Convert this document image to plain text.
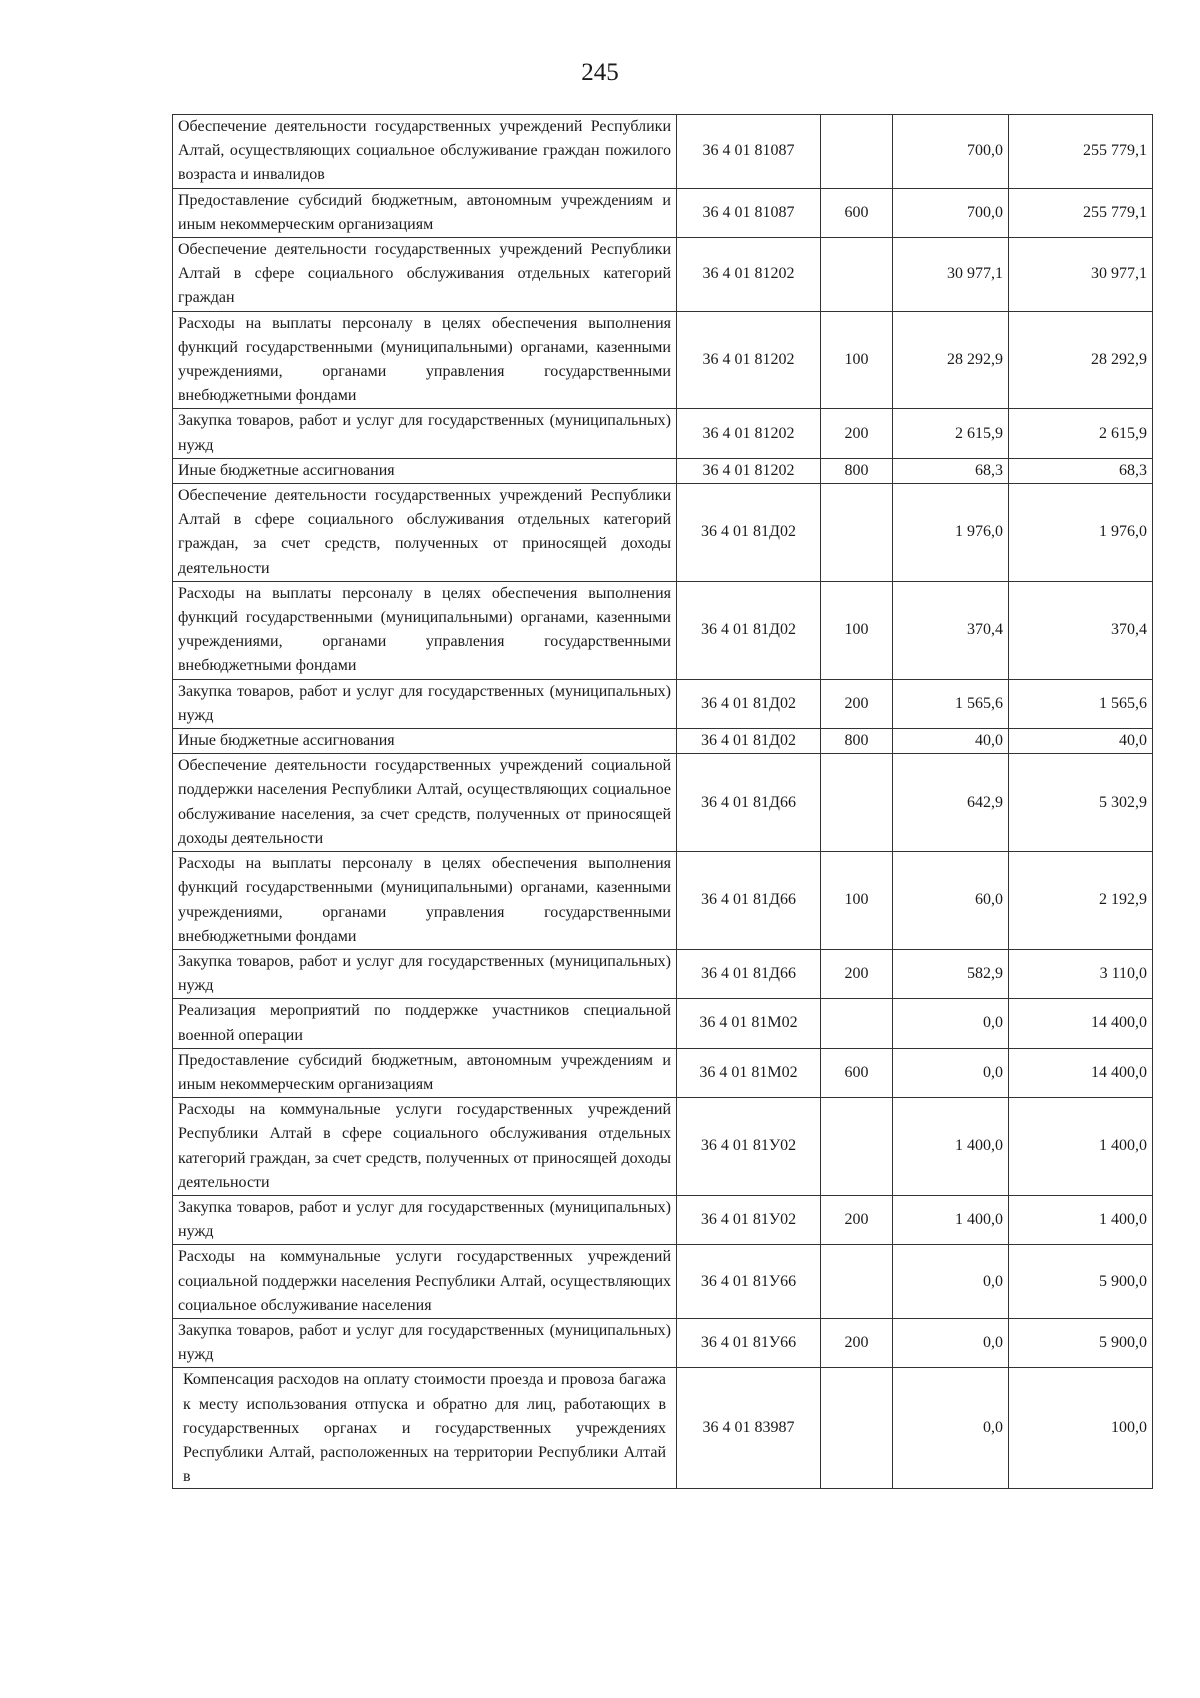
245
Обеспечение деятельности государственных учреждений Республики Алтай, осуществляющих социальное обслуживание граждан пожилого возраста и инвалидов	36 4 01 81087		700,0	255 779,1
Предоставление субсидий бюджетным, автономным учреждениям и иным некоммерческим организациям	36 4 01 81087	600	700,0	255 779,1
Обеспечение деятельности государственных учреждений Республики Алтай в сфере социального обслуживания отдельных категорий граждан	36 4 01 81202		30 977,1	30 977,1
Расходы на выплаты персоналу в целях обеспечения выполнения функций государственными (муниципальными) органами, казенными учреждениями, органами управления государственными внебюджетными фондами	36 4 01 81202	100	28 292,9	28 292,9
Закупка товаров, работ и услуг для государственных (муниципальных) нужд	36 4 01 81202	200	2 615,9	2 615,9
Иные бюджетные ассигнования	36 4 01 81202	800	68,3	68,3
Обеспечение деятельности государственных учреждений Республики Алтай в сфере социального обслуживания отдельных категорий граждан, за счет средств, полученных от приносящей доходы деятельности	36 4 01 81Д02		1 976,0	1 976,0
Расходы на выплаты персоналу в целях обеспечения выполнения функций государственными (муниципальными) органами, казенными учреждениями, органами управления государственными внебюджетными фондами	36 4 01 81Д02	100	370,4	370,4
Закупка товаров, работ и услуг для государственных (муниципальных) нужд	36 4 01 81Д02	200	1 565,6	1 565,6
Иные бюджетные ассигнования	36 4 01 81Д02	800	40,0	40,0
Обеспечение деятельности государственных учреждений социальной поддержки населения Республики Алтай, осуществляющих социальное обслуживание населения, за счет средств, полученных от приносящей доходы деятельности	36 4 01 81Д66		642,9	5 302,9
Расходы на выплаты персоналу в целях обеспечения выполнения функций государственными (муниципальными) органами, казенными учреждениями, органами управления государственными внебюджетными фондами	36 4 01 81Д66	100	60,0	2 192,9
Закупка товаров, работ и услуг для государственных (муниципальных) нужд	36 4 01 81Д66	200	582,9	3 110,0
Реализация мероприятий по поддержке участников специальной военной операции	36 4 01 81М02		0,0	14 400,0
Предоставление субсидий бюджетным, автономным учреждениям и иным некоммерческим организациям	36 4 01 81М02	600	0,0	14 400,0
Расходы на коммунальные услуги государственных учреждений Республики Алтай в сфере социального обслуживания отдельных категорий граждан, за счет средств, полученных от приносящей доходы деятельности	36 4 01 81У02		1 400,0	1 400,0
Закупка товаров, работ и услуг для государственных (муниципальных) нужд	36 4 01 81У02	200	1 400,0	1 400,0
Расходы на коммунальные услуги государственных учреждений социальной поддержки населения Республики Алтай, осуществляющих социальное обслуживание населения	36 4 01 81У66		0,0	5 900,0
Закупка товаров, работ и услуг для государственных (муниципальных) нужд	36 4 01 81У66	200	0,0	5 900,0

Компенсация расходов на оплату стоимости проезда и провоза багажа к месту использования отпуска и обратно для лиц, работающих в государственных органах и государственных учреждениях Республики Алтай, расположенных на территории Республики Алтай в	36 4 01 83987		0,0	100,0
